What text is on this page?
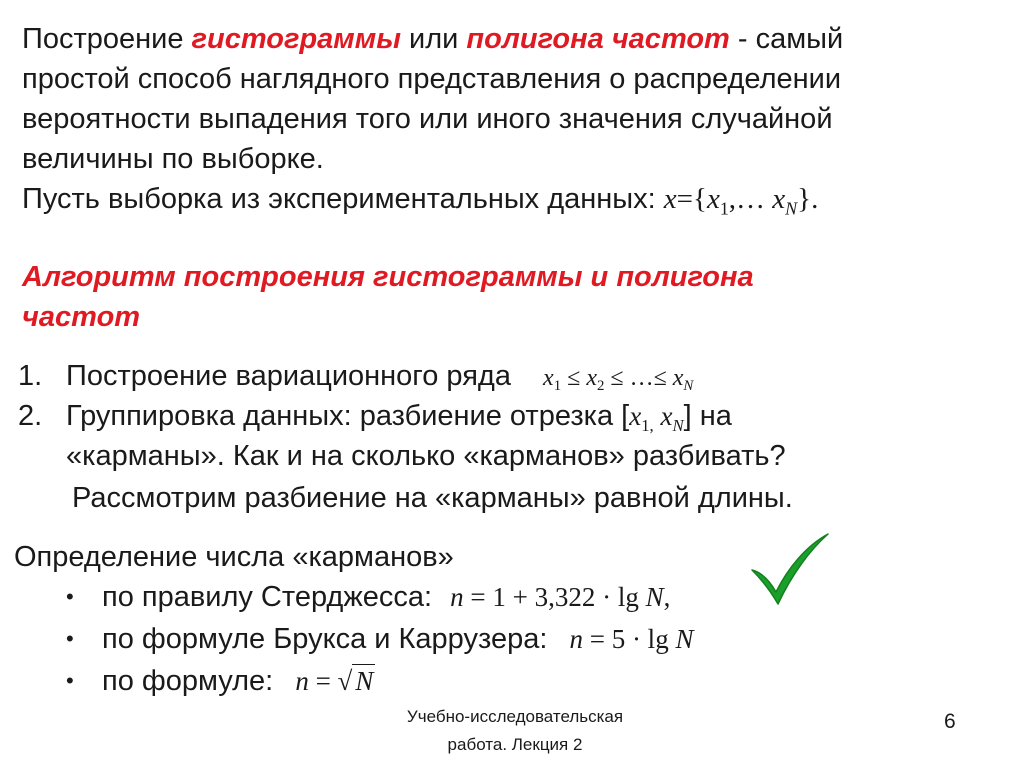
Построение гистограммы или полигона частот - самый
простой способ наглядного представления о распределении
вероятности выпадения того или иного значения случайной
величины по выборке.
Пусть выборка из экспериментальных данных: $x=\{x_1,\dots$ $x_N$}.
Алгоритм построения гистограммы и полигона
частот
1. Построение вариационного ряда $x_1 \le x_2$ ≤ …≤ $x_N$
2. Группировка данных: разбиение отрезка [$x_{1,}$ $x_N$] на
«карманы». Как и на сколько «карманов» разбивать?
Рассмотрим разбиение на «карманы» равной длины.
Определение числа «карманов»
• по правилу Стерджесса: n = 1 + 3,322 · lg N,
• по формуле Брукса и Каррузера: n = 5 · lg N
• по формуле: n = √ N
Учебно-исследовательская
работа. Лекция 2
6
